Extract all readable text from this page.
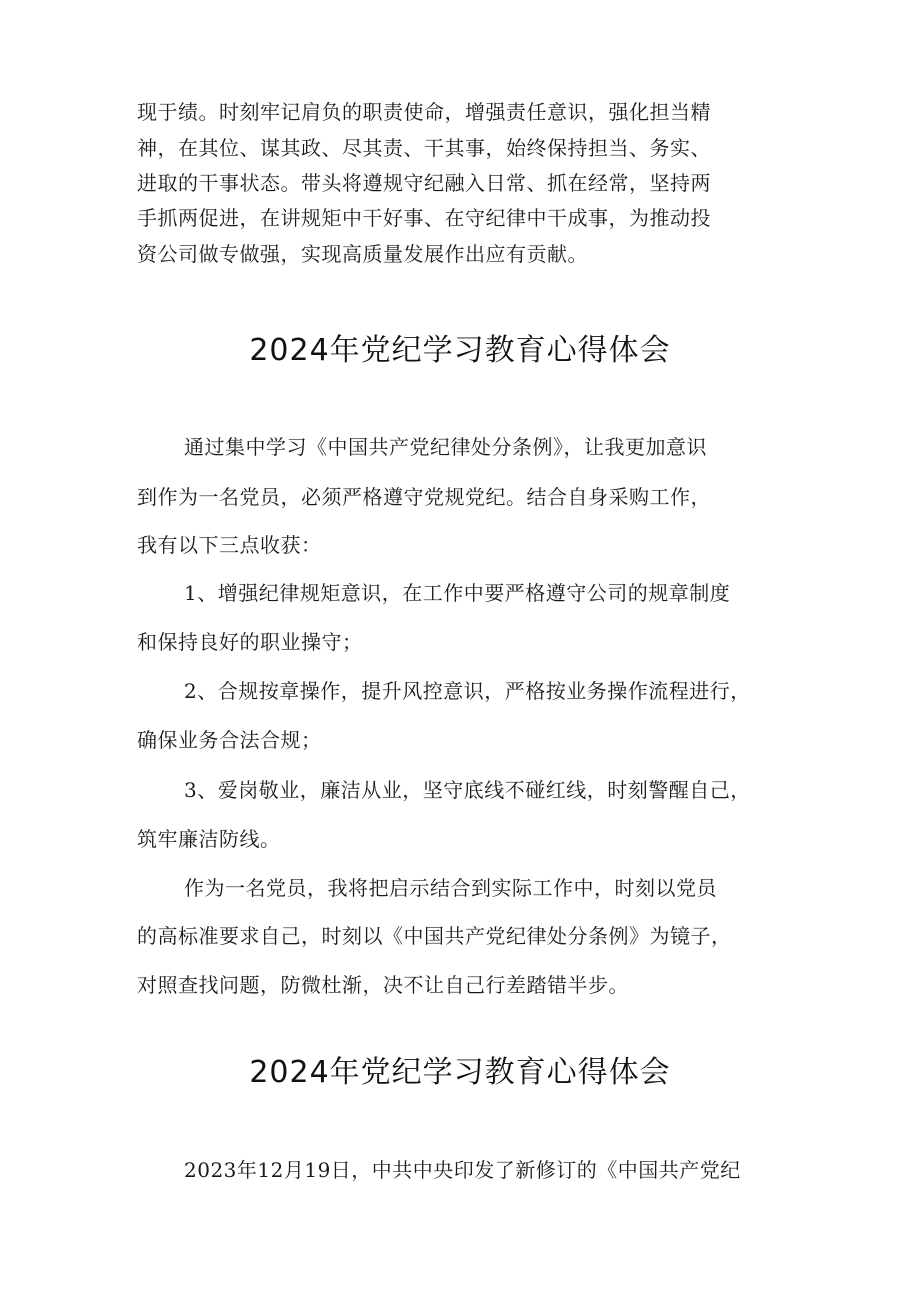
现于绩。时刻牢记肩负的职责使命，增强责任意识，强化担当精
神，在其位、谋其政、尽其责、干其事，始终保持担当、务实、
进取的干事状态。带头将遵规守纪融入日常、抓在经常，坚持两
手抓两促进，在讲规矩中干好事、在守纪律中干成事，为推动投
资公司做专做强，实现高质量发展作出应有贡献。
2024年党纪学习教育心得体会
通过集中学习《中国共产党纪律处分条例》，让我更加意识
到作为一名党员，必须严格遵守党规党纪。结合自身采购工作，
我有以下三点收获：
1、增强纪律规矩意识，在工作中要严格遵守公司的规章制度
和保持良好的职业操守；
2、合规按章操作，提升风控意识，严格按业务操作流程进行，
确保业务合法合规；
3、爱岗敬业，廉洁从业，坚守底线不碰红线，时刻警醒自己，
筑牢廉洁防线。
作为一名党员，我将把启示结合到实际工作中，时刻以党员
的高标准要求自己，时刻以《中国共产党纪律处分条例》为镜子，
对照查找问题，防微杜渐，决不让自己行差踏错半步。
2024年党纪学习教育心得体会
2023年12月19日，中共中央印发了新修订的《中国共产党纪
